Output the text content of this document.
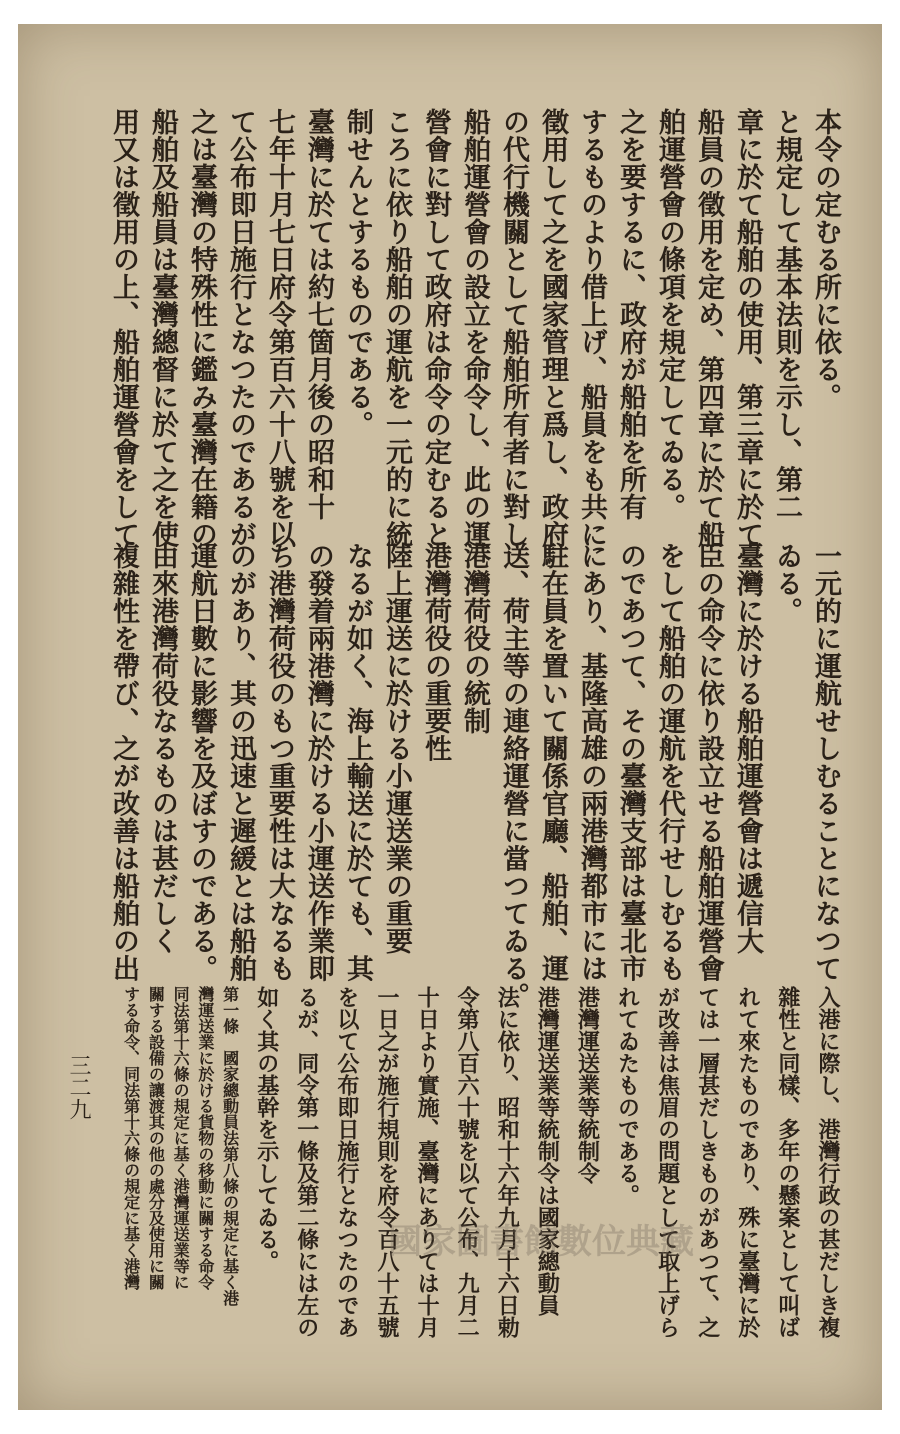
本令の定むる所に依る。
と規定して基本法則を示し、第二
章に於て船舶の使用、第三章に於て
船員の徵用を定め、第四章に於て船
舶運營會の條項を規定してゐる。
之を要するに、政府が船舶を所有
するものより借上げ、船員をも共に
徵用して之を國家管理と爲し、政府
の代行機關として船舶所有者に對し
船舶運營會の設立を命令し、此の運
營會に對して政府は命令の定むると
ころに依り船舶の運航を一元的に統
制せんとするものである。
臺灣に於ては約七箇月後の昭和十
七年十月七日府令第百六十八號を以
て公布即日施行となつたのであるが
之は臺灣の特殊性に鑑み臺灣在籍の
船舶及船員は臺灣總督に於て之を使
用又は徵用の上、船舶運營會をして
一元的に運航せしむることになつて
ゐる。
臺灣に於ける船舶運營會は遞信大
臣の命令に依り設立せる船舶運營會
をして船舶の運航を代行せしむるも
のであつて、その臺灣支部は臺北市
にあり、基隆高雄の兩港灣都市には
駐在員を置いて關係官廳、船舶、運
送、荷主等の連絡運營に當つてゐる。
港灣荷役の統制
港灣荷役の重要性
陸上運送に於ける小運送業の重要
なるが如く、海上輸送に於ても、其
の發着兩港灣に於ける小運送作業即
ち港灣荷役のもつ重要性は大なるも
のがあり、其の迅速と遲緩とは船舶
運航日數に影響を及ぼすのである。
由來港灣荷役なるものは甚だしく
複雜性を帶び、之が改善は船舶の出
入港に際し、港灣行政の甚だしき複
雜性と同樣、多年の懸案として叫ば
れて來たものであり、殊に臺灣に於
ては一層甚だしきものがあつて、之
が改善は焦眉の問題として取上げら
れてゐたものである。
港灣運送業等統制令
港灣運送業等統制令は國家總動員
法に依り、昭和十六年九月十六日勅
令第八百六十號を以て公布、九月二
十日より實施、臺灣にありては十月
一日之が施行規則を府令百八十五號
を以て公布即日施行となつたのであ
るが、同令第一條及第二條には左の
如く其の基幹を示してゐる。
第一條　國家總動員法第八條の規定に基く港
灣運送業に於ける貨物の移動に關する命令
同法第十六條の規定に基く港灣運送業等に
關する設備の讓渡其の他の處分及使用に關
する命令、同法第十六條の規定に基く港灣
三二九
國家圖書館數位典藏
